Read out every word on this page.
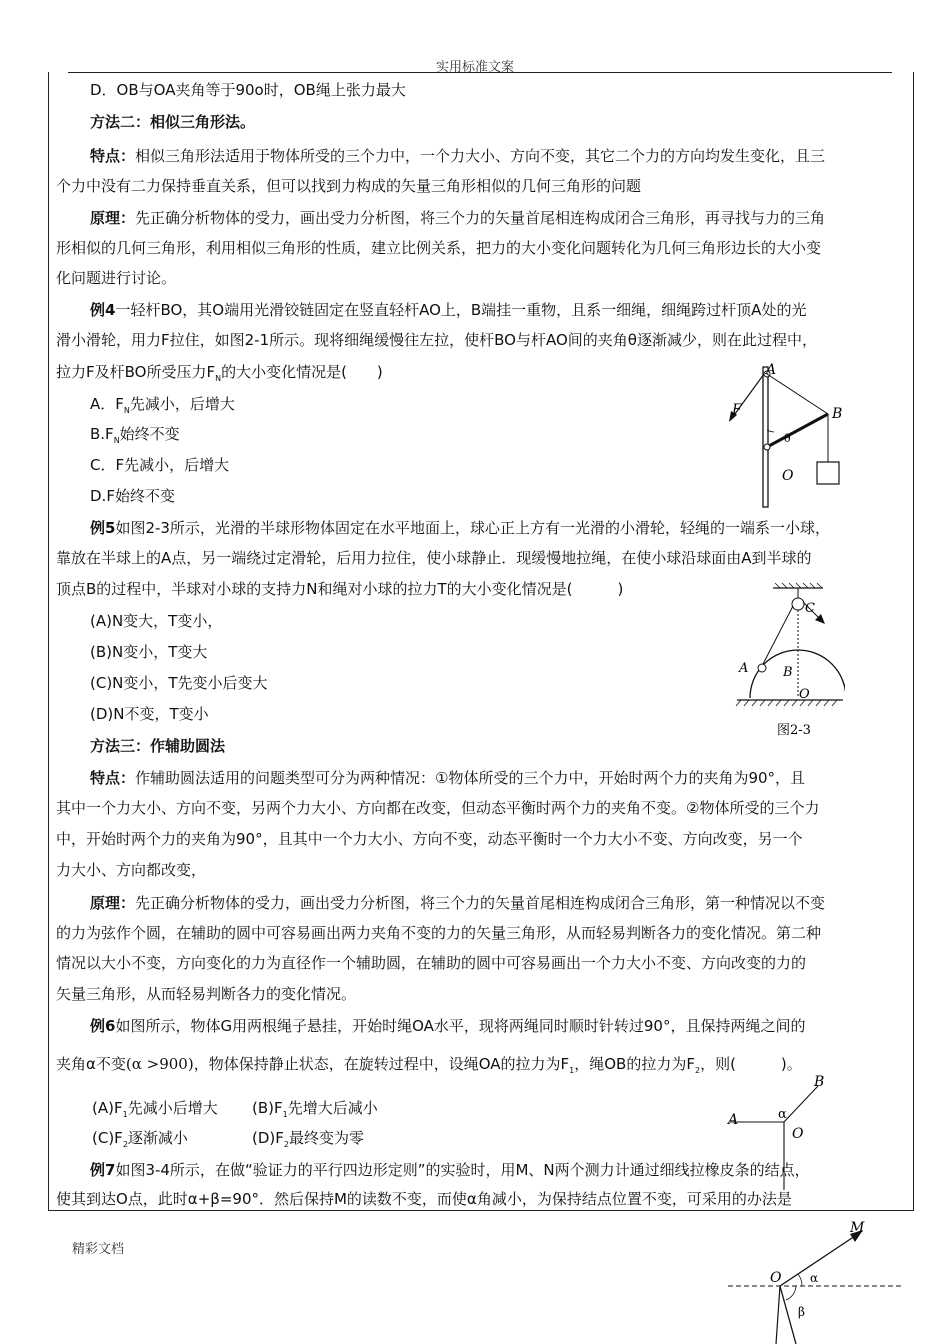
实用标准文案
精彩文档
D．OB与OA夹角等于90o时，OB绳上张力最大
方法二：相似三角形法。
特点：相似三角形法适用于物体所受的三个力中，一个力大小、方向不变，其它二个力的方向均发生变化，且三
个力中没有二力保持垂直关系，但可以找到力构成的矢量三角形相似的几何三角形的问题
原理：先正确分析物体的受力，画出受力分析图，将三个力的矢量首尾相连构成闭合三角形，再寻找与力的三角
形相似的几何三角形，利用相似三角形的性质，建立比例关系，把力的大小变化问题转化为几何三角形边长的大小变
化问题进行讨论。
例4一轻杆BO，其O端用光滑铰链固定在竖直轻杆AO上，B端挂一重物，且系一细绳，细绳跨过杆顶A处的光
滑小滑轮，用力F拉住，如图2-1所示。现将细绳缓慢往左拉，使杆BO与杆AO间的夹角θ逐渐减少，则在此过程中，
拉力F及杆BO所受压力$F_N$的大小变化情况是(　　)
A．$F_N$先减小，后增大
$B.F_N$始终不变
C．F先减小，后增大
D.F始终不变
例5如图2-3所示，光滑的半球形物体固定在水平地面上，球心正上方有一光滑的小滑轮，轻绳的一端系一小球，
靠放在半球上的A点，另一端绕过定滑轮，后用力拉住，使小球静止．现缓慢地拉绳，在使小球沿球面由A到半球的
顶点B的过程中，半球对小球的支持力N和绳对小球的拉力T的大小变化情况是(　　　)
(A)N变大，T变小，
(B)N变小，T变大
(C)N变小，T先变小后变大
(D)N不变，T变小
方法三：作辅助圆法
特点：作辅助圆法适用的问题类型可分为两种情况：①物体所受的三个力中，开始时两个力的夹角为90°，且
其中一个力大小、方向不变，另两个力大小、方向都在改变，但动态平衡时两个力的夹角不变。②物体所受的三个力
中，开始时两个力的夹角为90°，且其中一个力大小、方向不变，动态平衡时一个力大小不变、方向改变，另一个
力大小、方向都改变，
原理：先正确分析物体的受力，画出受力分析图，将三个力的矢量首尾相连构成闭合三角形，第一种情况以不变
的力为弦作个圆，在辅助的圆中可容易画出两力夹角不变的力的矢量三角形，从而轻易判断各力的变化情况。第二种
情况以大小不变，方向变化的力为直径作一个辅助圆，在辅助的圆中可容易画出一个力大小不变、方向改变的力的
矢量三角形，从而轻易判断各力的变化情况。
例6如图所示，物体G用两根绳子悬挂，开始时绳OA水平，现将两绳同时顺时针转过90°，且保持两绳之间的
夹角α不变(α >900)，物体保持静止状态，在旋转过程中，设绳OA的拉力为$F_1$，绳OB的拉力为$F_2$，则(　　　)。
$(A)F_1$先减小后增大 $(B)F_1$先增大后减小
$(C)F_2$逐渐减小	$(D)F_2$最终变为零
例7如图3-4所示，在做“验证力的平行四边形定则”的实验时，用M、N两个测力计通过细线拉橡皮条的结点，
使其到达O点，此时α+β=90°．然后保持M的读数不变，而使α角减小，为保持结点位置不变，可采用的办法是
A
B
O
F
θ
C
A	B
O
图2-3
A
B
O
α
M
O α
β
